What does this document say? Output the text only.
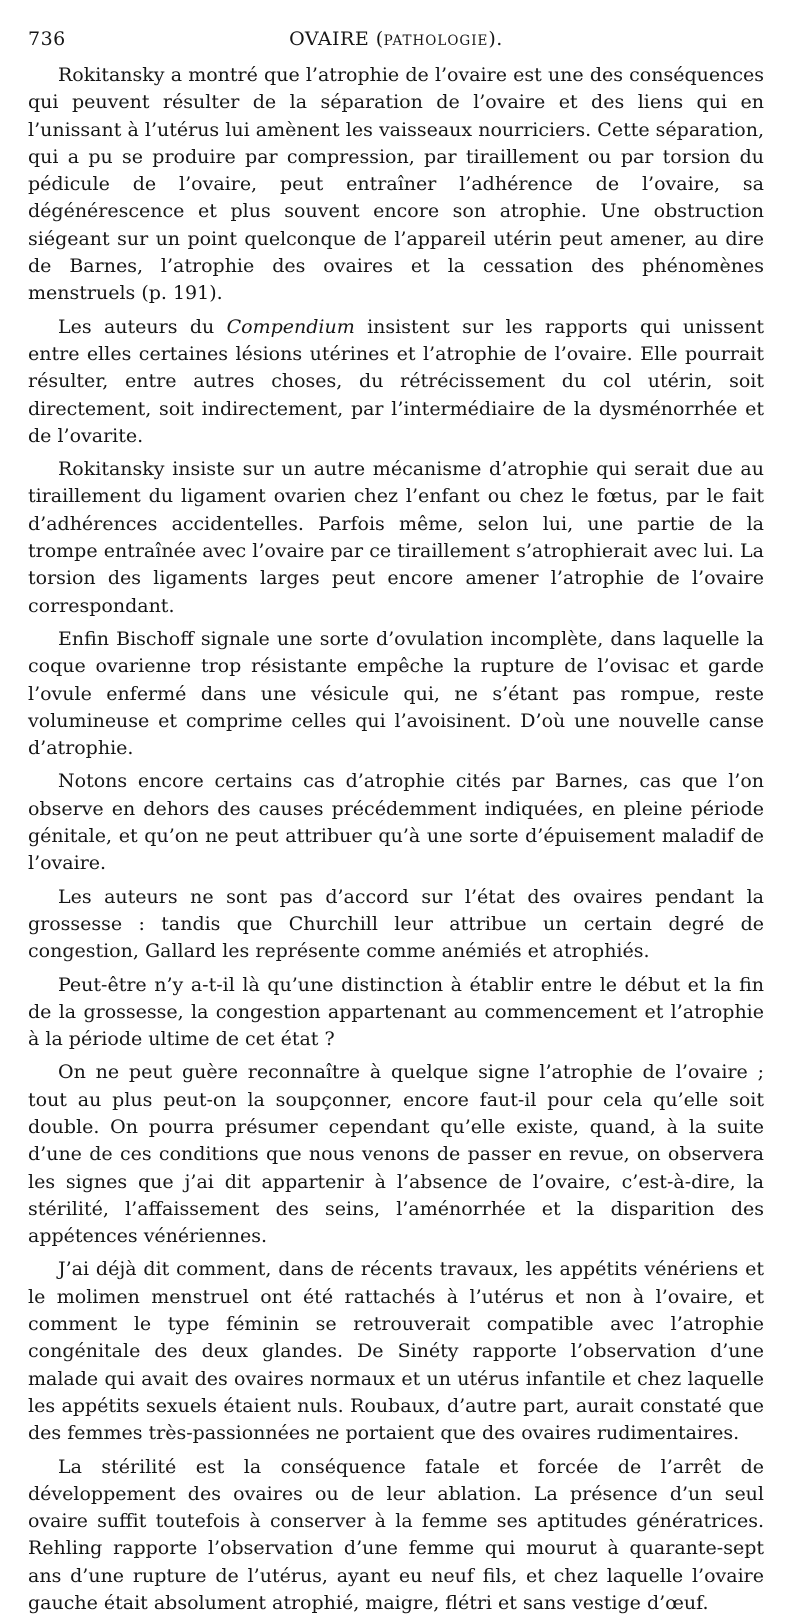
736	OVAIRE (PATHOLOGIE).

Rokitansky a montré que l’atrophie de l’ovaire est une des conséquences qui peuvent résulter de la séparation de l’ovaire et des liens qui en l’unissant à l’utérus lui amènent les vaisseaux nourriciers. Cette séparation, qui a pu se produire par compression, par tiraillement ou par torsion du pédicule de l’ovaire, peut entraîner l’adhérence de l’ovaire, sa dégénérescence et plus souvent encore son atrophie. Une obstruction siégeant sur un point quelconque de l’appareil utérin peut amener, au dire de Barnes, l’atrophie des ovaires et la cessation des phénomènes menstruels (p. 191).

Les auteurs du Compendium insistent sur les rapports qui unissent entre elles certaines lésions utérines et l’atrophie de l’ovaire. Elle pourrait résulter, entre autres choses, du rétrécissement du col utérin, soit directement, soit indirectement, par l’intermédiaire de la dysménorrhée et de l’ovarite.

Rokitansky insiste sur un autre mécanisme d’atrophie qui serait due au tiraillement du ligament ovarien chez l’enfant ou chez le fœtus, par le fait d’adhérences accidentelles. Parfois même, selon lui, une partie de la trompe entraînée avec l’ovaire par ce tiraillement s’atrophierait avec lui. La torsion des ligaments larges peut encore amener l’atrophie de l’ovaire correspondant.

Enfin Bischoff signale une sorte d’ovulation incomplète, dans laquelle la coque ovarienne trop résistante empêche la rupture de l’ovisac et garde l’ovule enfermé dans une vésicule qui, ne s’étant pas rompue, reste volumineuse et comprime celles qui l’avoisinent. D’où une nouvelle canse d’atrophie.

Notons encore certains cas d’atrophie cités par Barnes, cas que l’on observe en dehors des causes précédemment indiquées, en pleine période génitale, et qu’on ne peut attribuer qu’à une sorte d’épuisement maladif de l’ovaire.

Les auteurs ne sont pas d’accord sur l’état des ovaires pendant la grossesse : tandis que Churchill leur attribue un certain degré de congestion, Gallard les représente comme anémiés et atrophiés.

Peut-être n’y a-t-il là qu’une distinction à établir entre le début et la fin de la grossesse, la congestion appartenant au commencement et l’atrophie à la période ultime de cet état ?

On ne peut guère reconnaître à quelque signe l’atrophie de l’ovaire ; tout au plus peut-on la soupçonner, encore faut-il pour cela qu’elle soit double. On pourra présumer cependant qu’elle existe, quand, à la suite d’une de ces conditions que nous venons de passer en revue, on observera les signes que j’ai dit appartenir à l’absence de l’ovaire, c’est-à-dire, la stérilité, l’affaissement des seins, l’aménorrhée et la disparition des appétences vénériennes.

J’ai déjà dit comment, dans de récents travaux, les appétits vénériens et le molimen menstruel ont été rattachés à l’utérus et non à l’ovaire, et comment le type féminin se retrouverait compatible avec l’atrophie congénitale des deux glandes. De Sinéty rapporte l’observation d’une malade qui avait des ovaires normaux et un utérus infantile et chez laquelle les appétits sexuels étaient nuls. Roubaux, d’autre part, aurait constaté que des femmes très-passionnées ne portaient que des ovaires rudimentaires.

La stérilité est la conséquence fatale et forcée de l’arrêt de développement des ovaires ou de leur ablation. La présence d’un seul ovaire suffit toutefois à conserver à la femme ses aptitudes génératrices. Rehling rapporte l’observation d’une femme qui mourut à quarante-sept ans d’une rupture de l’utérus, ayant eu neuf fils, et chez laquelle l’ovaire gauche était absolument atrophié, maigre, flétri et sans vestige d’œuf.
